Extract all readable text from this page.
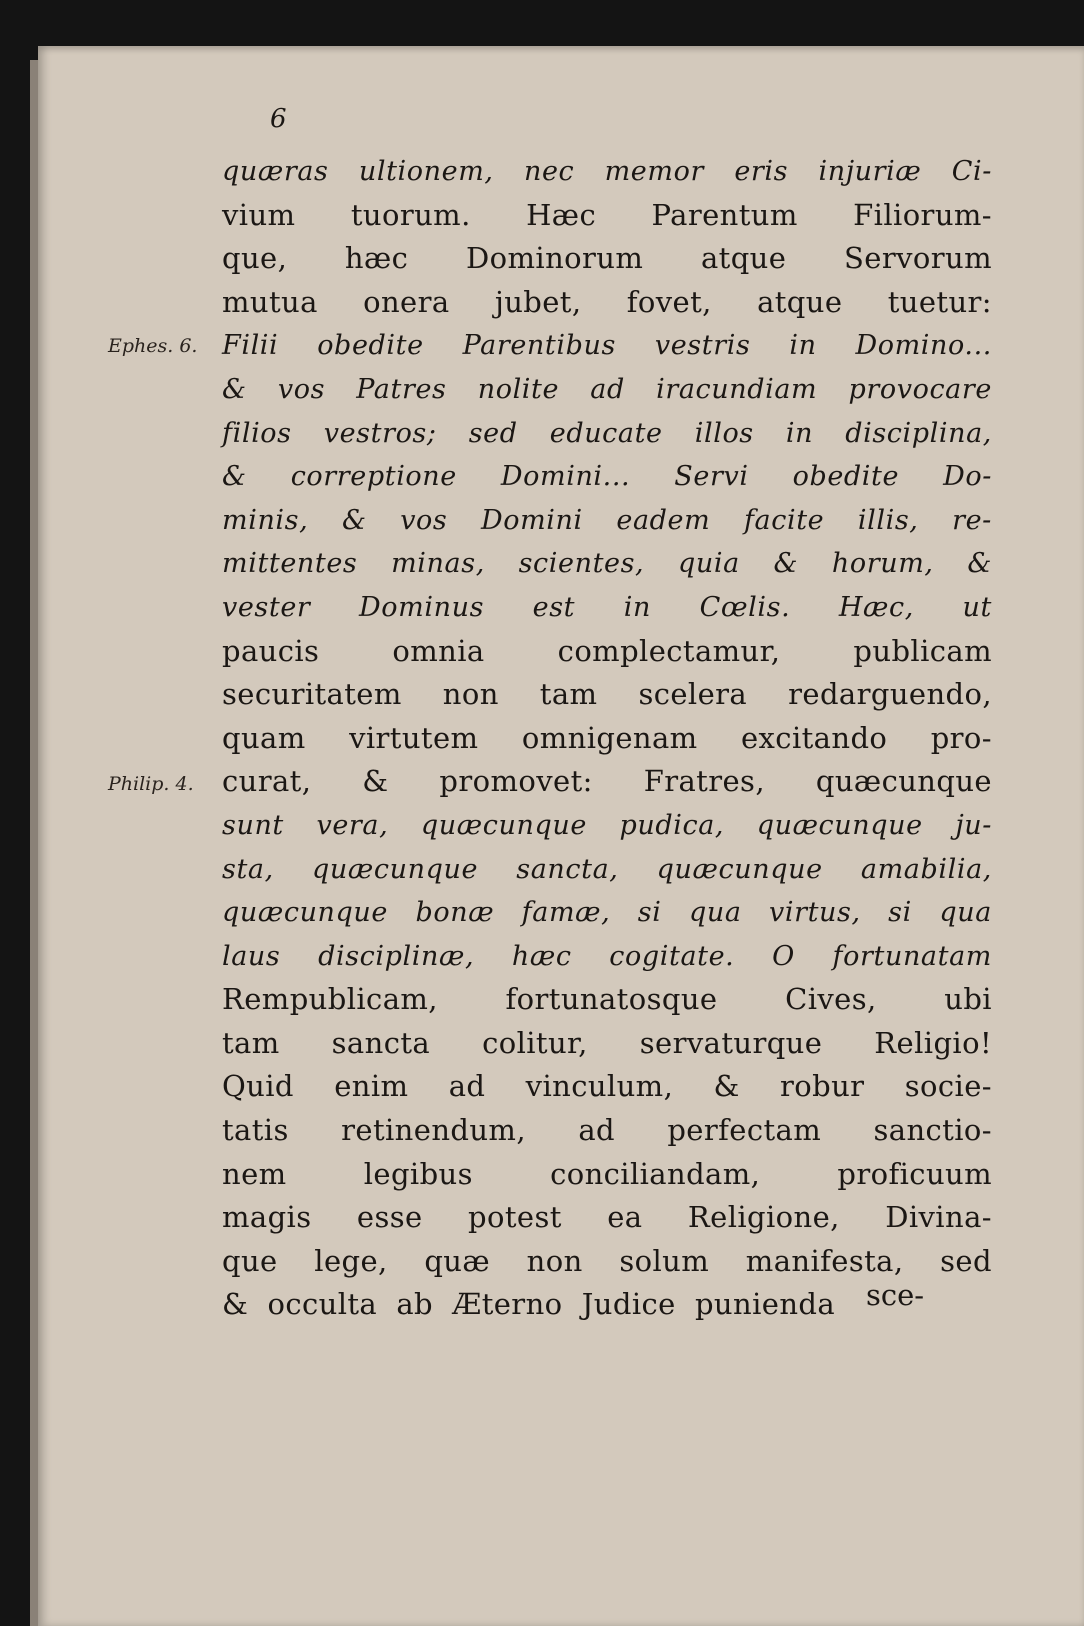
6
Ephes. 6.
Philip. 4.
quæras ultionem, nec memor eris injuriæ Ci-
vium tuorum. Hæc Parentum Filiorum-
que, hæc Dominorum atque Servorum
mutua onera jubet, fovet, atque tuetur:
Filii obedite Parentibus vestris in Domino...
& vos Patres nolite ad iracundiam provocare
filios vestros; sed educate illos in disciplina,
& correptione Domini... Servi obedite Do-
minis, & vos Domini eadem facite illis, re-
mittentes minas, scientes, quia & horum, &
vester Dominus est in Cœlis. Hæc, ut
paucis	omnia	complectamur,	publicam
securitatem non tam scelera redarguendo,
quam virtutem omnigenam excitando pro-
curat, & promovet: Fratres, quæcunque
sunt vera, quæcunque pudica, quæcunque ju-
sta, quæcunque sancta, quæcunque amabilia,
quæcunque bonæ famæ, si qua virtus, si qua
laus disciplinæ, hæc cogitate. O fortunatam
Rempublicam, fortunatosque Cives, ubi
tam sancta colitur, servaturque Religio!
Quid enim ad vinculum, & robur socie-
tatis retinendum, ad perfectam sanctio-
nem	legibus	conciliandam,	proficuum
magis esse potest ea Religione, Divina-
que lege, quæ non solum manifesta, sed
&
occulta
ab
Æterno
Judice
punienda
sce-
